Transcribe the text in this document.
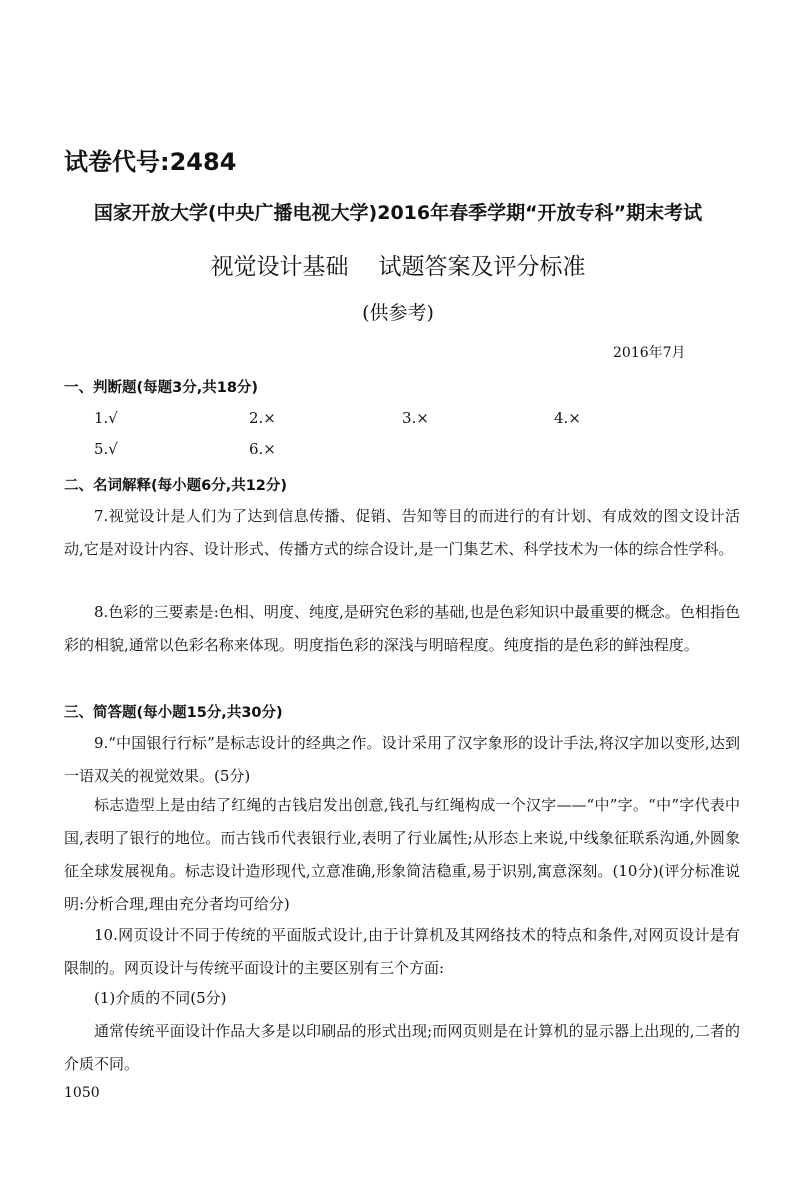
试卷代号:2484
国家开放大学(中央广播电视大学)2016年春季学期“开放专科”期末考试
视觉设计基础 试题答案及评分标准
(供参考)
2016年7月
一、判断题(每题3分,共18分)
1.√	2.×	3.×	4.×
5.√	6.×
二、名词解释(每小题6分,共12分)
7.视觉设计是人们为了达到信息传播、促销、告知等目的而进行的有计划、有成效的图文设计活动,它是对设计内容、设计形式、传播方式的综合设计,是一门集艺术、科学技术为一体的综合性学科。
8.色彩的三要素是:色相、明度、纯度,是研究色彩的基础,也是色彩知识中最重要的概念。色相指色彩的相貌,通常以色彩名称来体现。明度指色彩的深浅与明暗程度。纯度指的是色彩的鲜浊程度。
三、简答题(每小题15分,共30分)
9.“中国银行行标”是标志设计的经典之作。设计采用了汉字象形的设计手法,将汉字加以变形,达到一语双关的视觉效果。(5分)
标志造型上是由结了红绳的古钱启发出创意,钱孔与红绳构成一个汉字——“中”字。“中”字代表中国,表明了银行的地位。而古钱币代表银行业,表明了行业属性;从形态上来说,中线象征联系沟通,外圆象征全球发展视角。标志设计造形现代,立意准确,形象简洁稳重,易于识别,寓意深刻。(10分)(评分标准说明:分析合理,理由充分者均可给分)
10.网页设计不同于传统的平面版式设计,由于计算机及其网络技术的特点和条件,对网页设计是有限制的。网页设计与传统平面设计的主要区别有三个方面:
(1)介质的不同(5分)
通常传统平面设计作品大多是以印刷品的形式出现;而网页则是在计算机的显示器上出现的,二者的介质不同。
1050
